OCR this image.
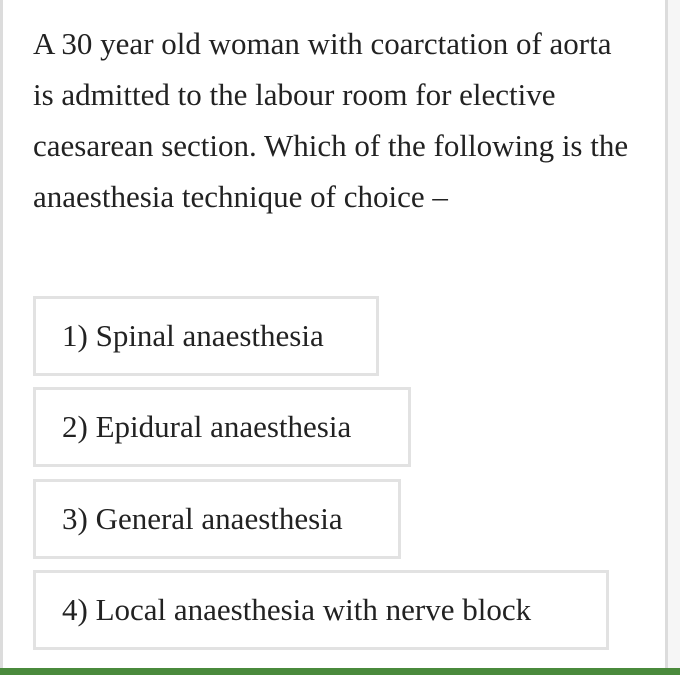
A 30 year old woman with coarctation of aorta is admitted to the labour room for elective caesarean section. Which of the following is the anaesthesia technique of choice –

1) Spinal anaesthesia
2) Epidural anaesthesia
3) General anaesthesia
4) Local anaesthesia with nerve block
